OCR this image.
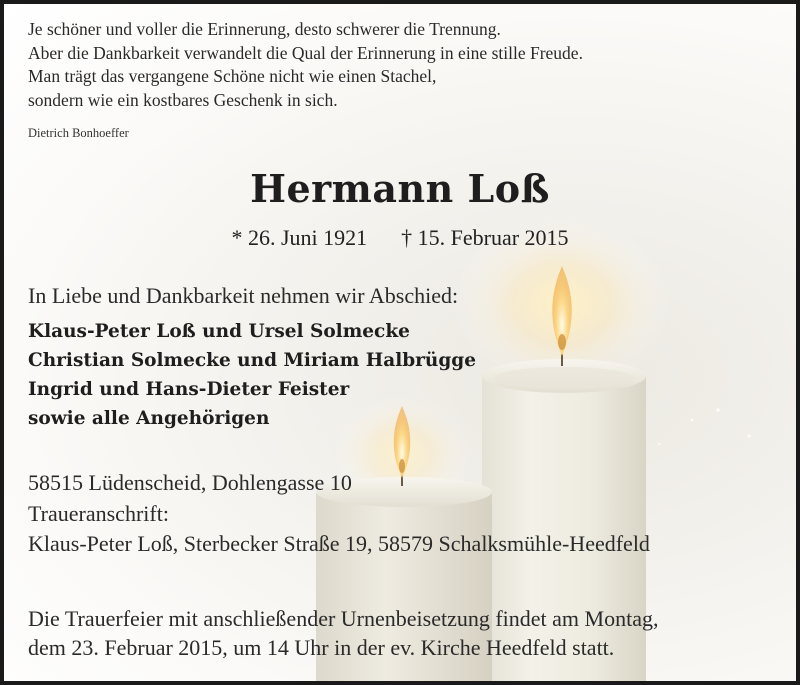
Je schöner und voller die Erinnerung, desto schwerer die Trennung.
Aber die Dankbarkeit verwandelt die Qual der Erinnerung in eine stille Freude.
Man trägt das vergangene Schöne nicht wie einen Stachel,
sondern wie ein kostbares Geschenk in sich.
Dietrich Bonhoeffer
Hermann Loß
* 26. Juni 1921 † 15. Februar 2015
In Liebe und Dankbarkeit nehmen wir Abschied:
Klaus-Peter Loß und Ursel Solmecke
Christian Solmecke und Miriam Halbrügge
Ingrid und Hans-Dieter Feister
sowie alle Angehörigen
58515 Lüdenscheid, Dohlengasse 10
Traueranschrift:
Klaus-Peter Loß, Sterbecker Straße 19, 58579 Schalksmühle-Heedfeld
Die Trauerfeier mit anschließender Urnenbeisetzung findet am Montag,
dem 23. Februar 2015, um 14 Uhr in der ev. Kirche Heedfeld statt.
